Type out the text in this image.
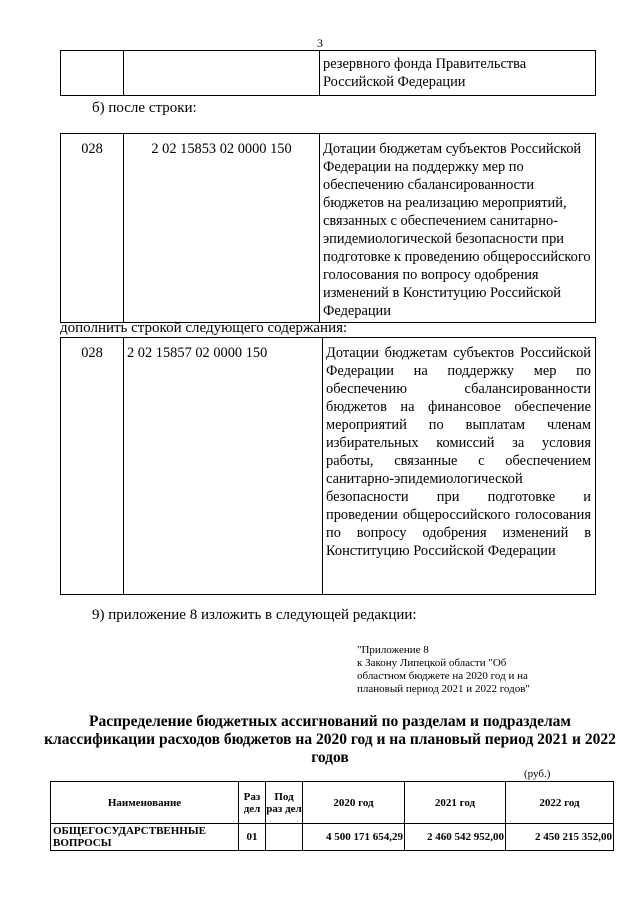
3
		резервного фонда Правительства Российской Федерации
б) после строки:
028	2 02 15853 02 0000 150	Дотации бюджетам субъектов Российской Федерации на поддержку мер по обеспечению сбалансированности бюджетов на реализацию мероприятий, связанных с обеспечением санитарно-эпидемиологической безопасности при подготовке к проведению общероссийского голосования по вопросу одобрения изменений в Конституцию Российской Федерации
дополнить строкой следующего содержания:
028	2 02 15857 02 0000 150	Дотации бюджетам субъектов Российской Федерации на поддержку мер по обеспечению сбалансированности бюджетов на финансовое обеспечение мероприятий по выплатам членам избирательных комиссий за условия работы, связанные с обеспечением санитарно-эпидемиологической безопасности при подготовке и проведении общероссийского голосования по вопросу одобрения изменений в Конституцию Российской Федерации
9) приложение 8 изложить в следующей редакции:
"Приложение 8
к Закону Липецкой области "Об
областном бюджете на 2020 год и на
плановый период 2021 и 2022 годов"
Распределение бюджетных ассигнований по разделам и подразделам классификации расходов бюджетов на 2020 год и на плановый период 2021 и 2022 годов
(руб.)
Наименование	Раз дел	Под раз дел	2020 год	2021 год	2022 год
ОБЩЕГОСУДАРСТВЕННЫЕ ВОПРОСЫ	01		4 500 171 654,29	2 460 542 952,00	2 450 215 352,00
